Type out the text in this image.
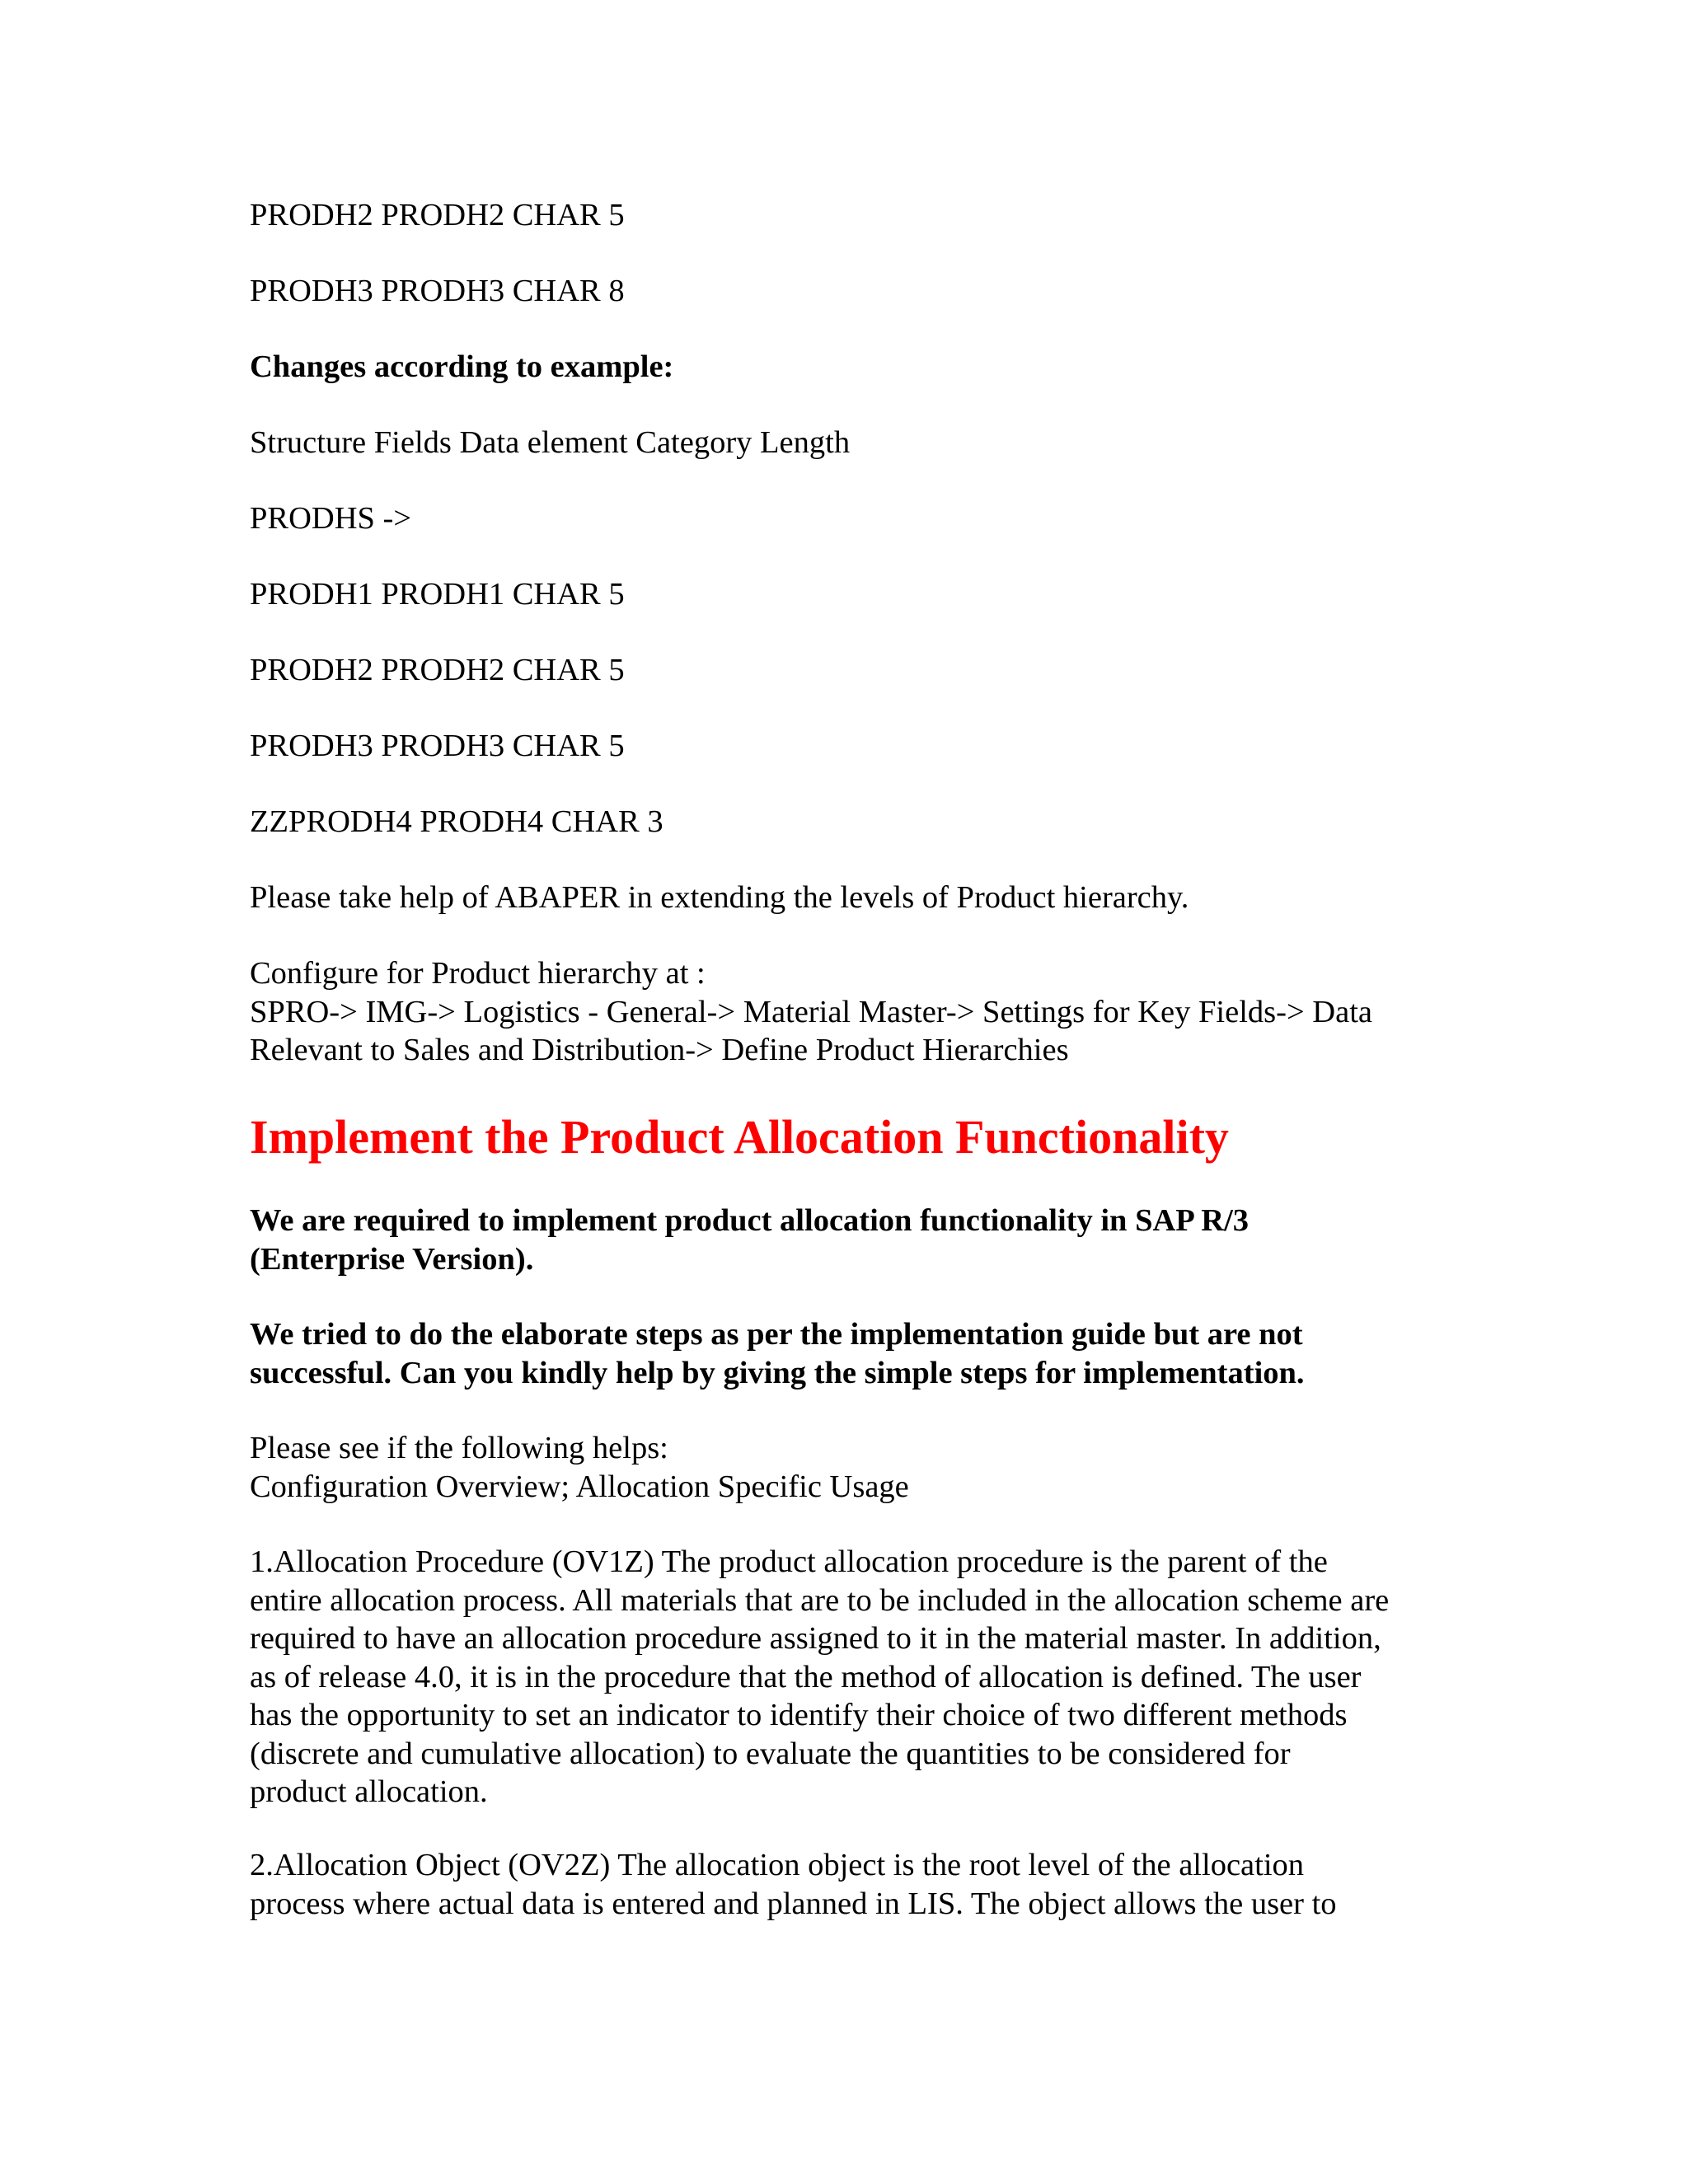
PRODH2 PRODH2 CHAR 5

PRODH3 PRODH3 CHAR 8

Changes according to example:

Structure Fields Data element Category Length

PRODHS ->

PRODH1 PRODH1 CHAR 5

PRODH2 PRODH2 CHAR 5

PRODH3 PRODH3 CHAR 5

ZZPRODH4 PRODH4 CHAR 3

Please take help of ABAPER in extending the levels of Product hierarchy.

Configure for Product hierarchy at :
SPRO-> IMG-> Logistics - General-> Material Master-> Settings for Key Fields-> Data
Relevant to Sales and Distribution-> Define Product Hierarchies
Implement the Product Allocation Functionality
We are required to implement product allocation functionality in SAP R/3
(Enterprise Version).
We tried to do the elaborate steps as per the implementation guide but are not
successful. Can you kindly help by giving the simple steps for implementation.
Please see if the following helps:
Configuration Overview; Allocation Specific Usage
1.Allocation Procedure (OV1Z) The product allocation procedure is the parent of the
entire allocation process. All materials that are to be included in the allocation scheme are
required to have an allocation procedure assigned to it in the material master. In addition,
as of release 4.0, it is in the procedure that the method of allocation is defined. The user
has the opportunity to set an indicator to identify their choice of two different methods
(discrete and cumulative allocation) to evaluate the quantities to be considered for
product allocation.
2.Allocation Object (OV2Z) The allocation object is the root level of the allocation
process where actual data is entered and planned in LIS. The object allows the user to
